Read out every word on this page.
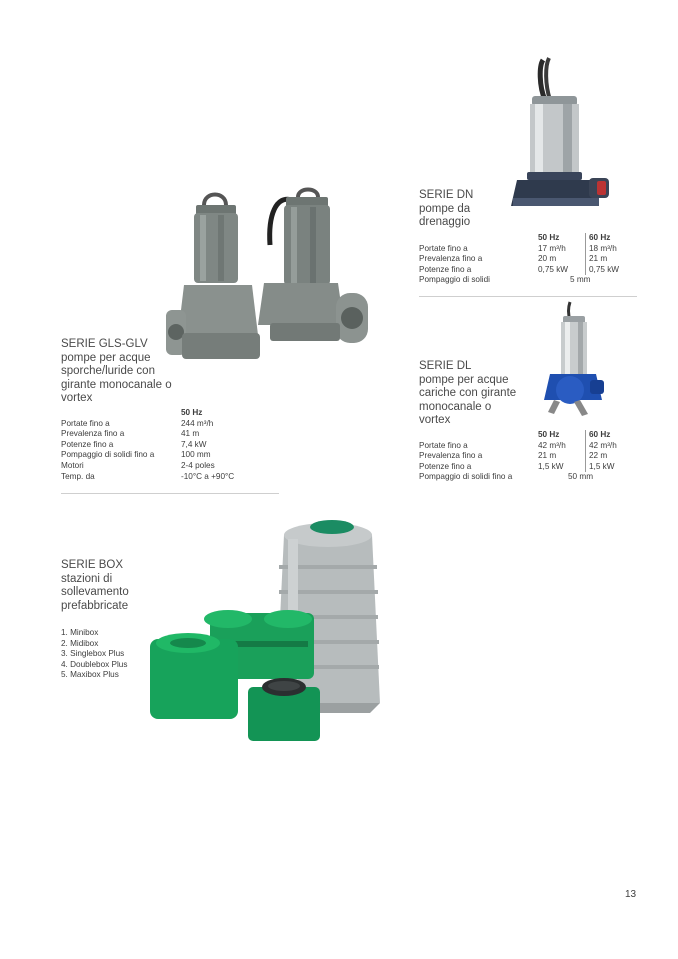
SERIE DN
pompe da
drenaggio
50 Hz	60 Hz
Portate fino a	17 m³/h	18 m³/h
Prevalenza fino a	20 m	21 m
Potenze fino a	0,75 kW	0,75 kW
Pompaggio di solidi	5 mm
SERIE GLS-GLV
pompe per acque
sporche/luride con
girante monocanale o
vortex
50 Hz
Portate fino a	244 m³/h
Prevalenza fino a	41 m
Potenze fino a	7,4 kW
Pompaggio di solidi fino a	100 mm
Motori	2-4 poles
Temp. da	-10°C a +90°C
SERIE DL
pompe per acque
cariche con girante
monocanale o
vortex
50 Hz	60 Hz
Portate fino a	42 m³/h	42 m³/h
Prevalenza fino a	21 m	22 m
Potenze fino a	1,5 kW	1,5 kW
Pompaggio di solidi fino a	50 mm
SERIE BOX
stazioni di
sollevamento
prefabbricate
1. Minibox
2. Midibox
3. Singlebox Plus
4. Doublebox Plus
5. Maxibox Plus
13
